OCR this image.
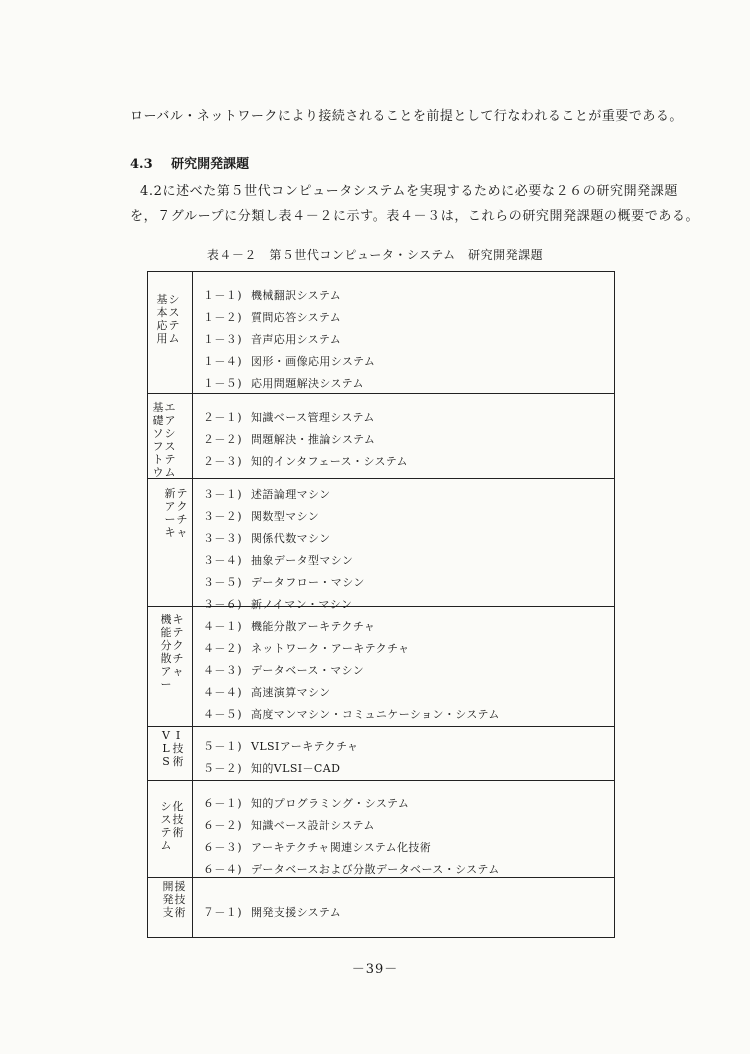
ローバル・ネットワークにより接続されることを前提として行なわれることが重要である。
4.3 研究開発課題
4.2に述べた第５世代コンピュータシステムを実現するために必要な２６の研究開発課題
を，７グループに分類し表４－２に示す。表４－３は，これらの研究開発課題の概要である。
表４－２　第５世代コンピュータ・システム　研究開発課題
基
本
応
用シ
ス
テ
ム
１－１) 機械翻訳システム
１－２) 質問応答システム
１－３) 音声応用システム
１－４) 図形・画像応用システム
１－５) 応用問題解決システム
基
礎
ソ
フ
ト
ウエ
ア
シ
ス
テ
ム
２－１) 知識ベース管理システム
２－２) 問題解決・推論システム
２－３) 知的インタフェース・システム
新
ア
ー
キテ
ク
チ
ャ
３－１) 述語論理マシン
３－２) 関数型マシン
３－３) 関係代数マシン
３－４) 抽象データ型マシン
３－５) データフロー・マシン
３－６) 新ノイマン・マシン
機
能
分
散
ア
ーキ
テ
ク
チ
ャ
４－１) 機能分散アーキテクチャ
４－２) ネットワーク・アーキテクチャ
４－３) データベース・マシン
４－４) 高速演算マシン
４－５) 高度マンマシン・コミュニケーション・システム
V
L
SI
技
術
５－１) VLSIアーキテクチャ
５－２) 知的VLSI－CAD
シ
ス
テ
ム化
技
術
６－１) 知的プログラミング・システム
６－２) 知識ベース設計システム
６－３) アーキテクチャ関連システム化技術
６－４) データベースおよび分散データベース・システム
開
発
支援
技
術 ７－１) 開発支援システム
－39－
